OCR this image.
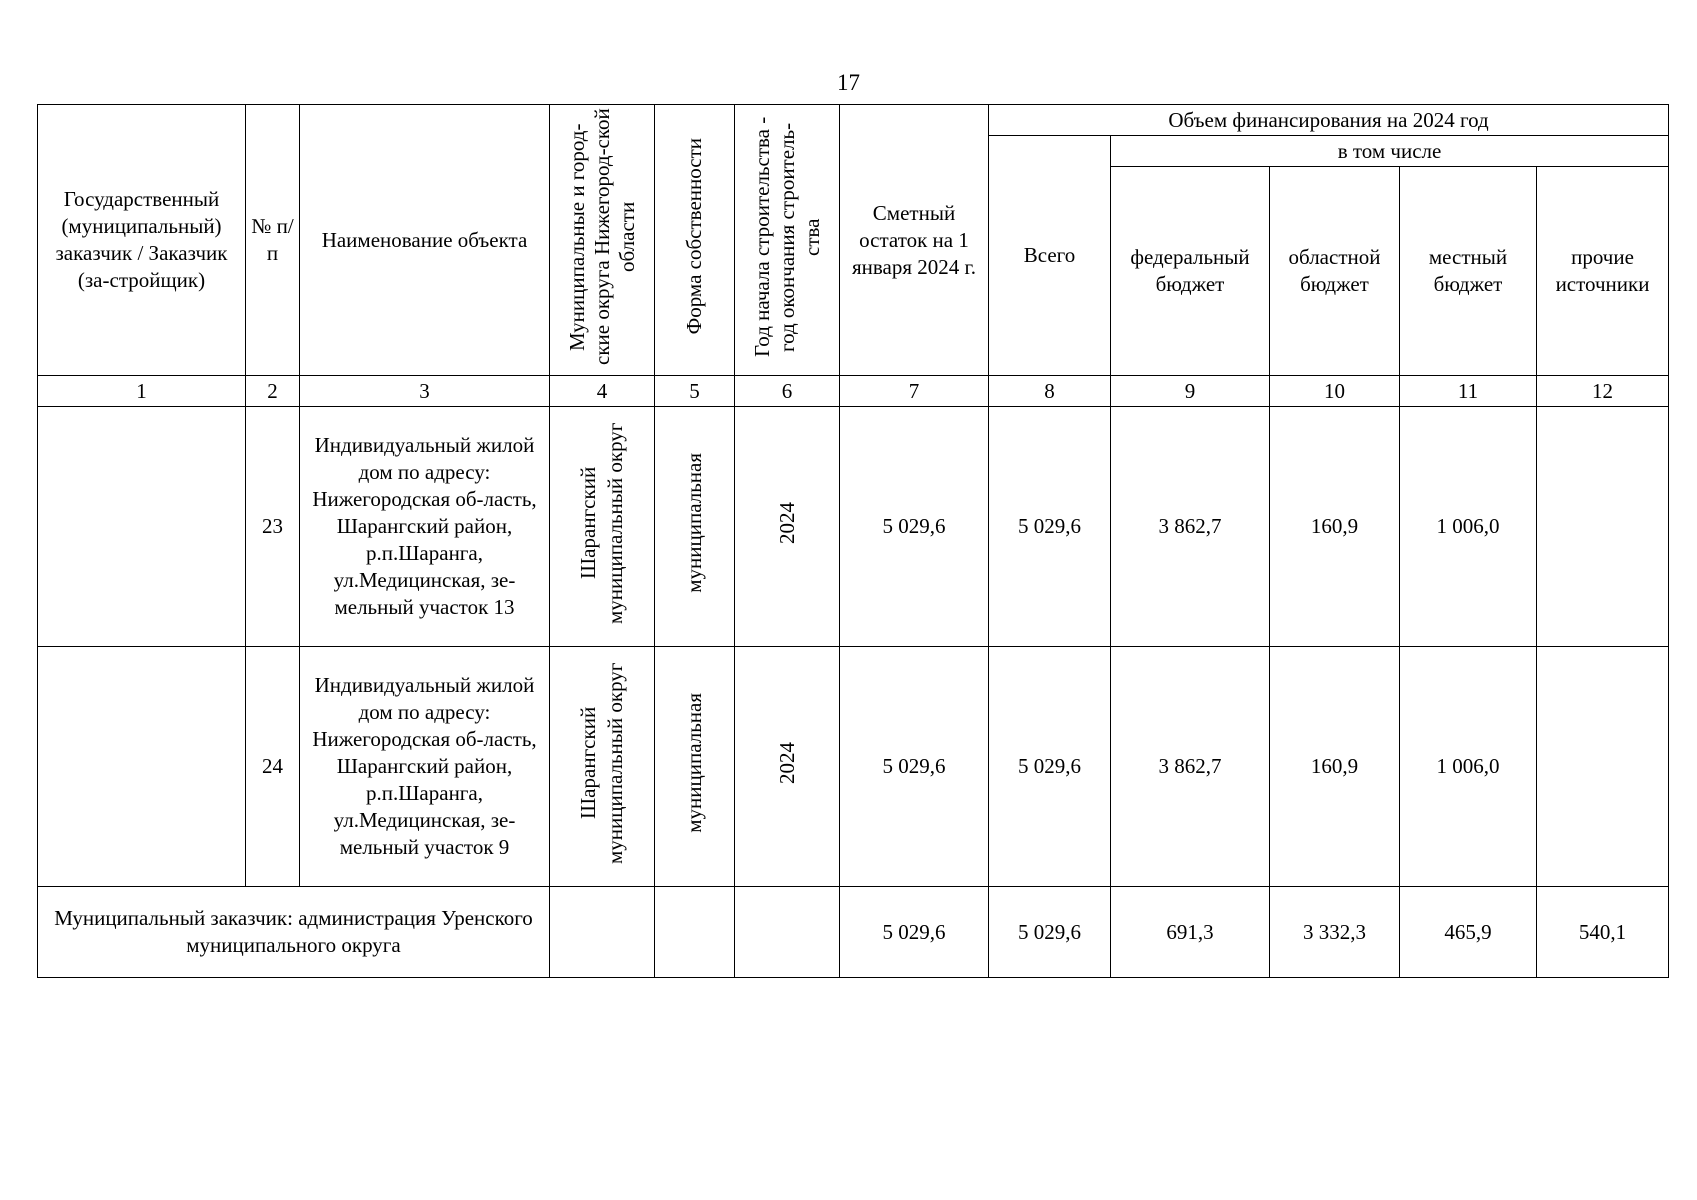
17
Государственный (муниципальный) заказчик / Заказчик (за-стройщик)	№ п/п	Наименование объекта	Муниципальные и город-ские округа Нижегород-ской области	Форма собственности	Год начала строительства - год окончания строитель-ства	Сметный остаток на 1 января 2024 г.	Объем финансирования на 2024 год				
							Всего	в том числе			
								федеральный бюджет	областной бюджет	местный бюджет	прочие источники
1	2	3	4	5	6	7	8	9	10	11	12
	23	Индивидуальный жилой дом по адресу: Нижегородская об-ласть, Шарангский район, р.п.Шаранга, ул.Медицинская, зе-мельный участок 13	Шарангский муниципальный округ	муниципальная	2024	5 029,6	5 029,6	3 862,7	160,9	1 006,0	
	24	Индивидуальный жилой дом по адресу: Нижегородская об-ласть, Шарангский район, р.п.Шаранга, ул.Медицинская, зе-мельный участок 9	Шарангский муниципальный округ	муниципальная	2024	5 029,6	5 029,6	3 862,7	160,9	1 006,0	
Муниципальный заказчик: администрация Уренского муниципального округа						5 029,6	5 029,6	691,3	3 332,3	465,9	540,1
